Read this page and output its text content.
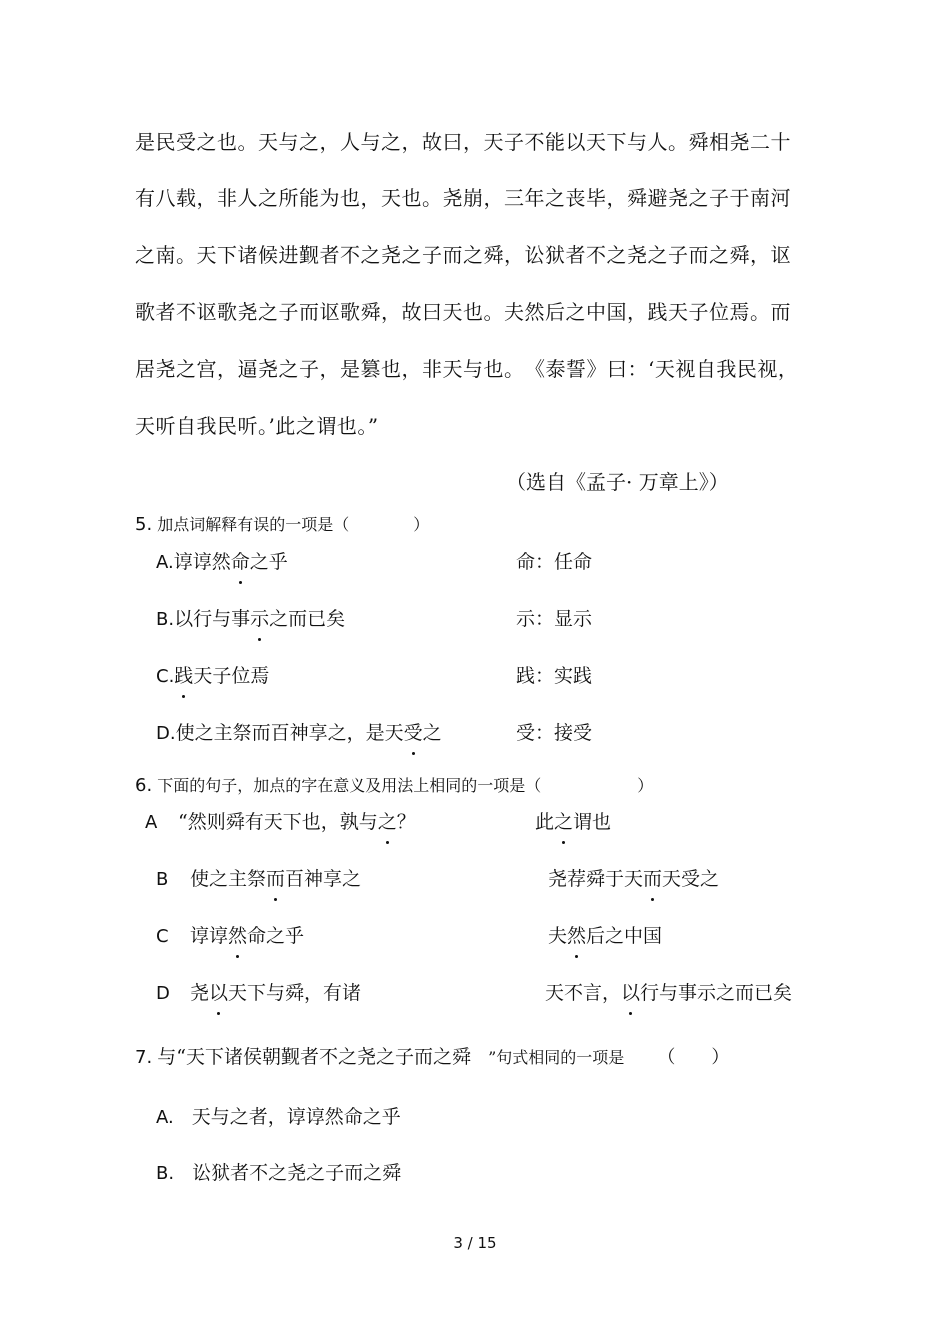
是民受之也。天与之，人与之，故曰，天子不能以天下与人。舜相尧二十
有八载，非人之所能为也，天也。尧崩，三年之丧毕，舜避尧之子于南河
之南。天下诸候进觐者不之尧之子而之舜，讼狱者不之尧之子而之舜，讴
歌者不讴歌尧之子而讴歌舜，故曰天也。夫然后之中国，践天子位焉。而
居尧之宫，逼尧之子，是篡也，非天与也。　《泰誓》曰：‘天视自我民视，
天听自我民听。’此之谓也。”
（选自《孟子· 万章上》）
5. 加点词解释有误的一项是（　　　　）
A.谆谆然命之乎	命：任命
B.以行与事示之而已矣	示：显示
C.践天子位焉	践：实践
D.使之主祭而百神享之，是天受之	受：接受
6. 下面的句子，加点的字在意义及用法上相同的一项是（　　　　　　）
A “然则舜有天下也，孰与之？	此之谓也
B 使之主祭而百神享之	尧荐舜于天而天受之
C 谆谆然命之乎	夫然后之中国
D 尧以天下与舜，有诸	天不言，以行与事示之而已矣
7. 与“天下诸侯朝觐者不之尧之子而之舜 ”句式相同的一项是 （　　）
A. 天与之者，谆谆然命之乎
B. 讼狱者不之尧之子而之舜
3 / 15
